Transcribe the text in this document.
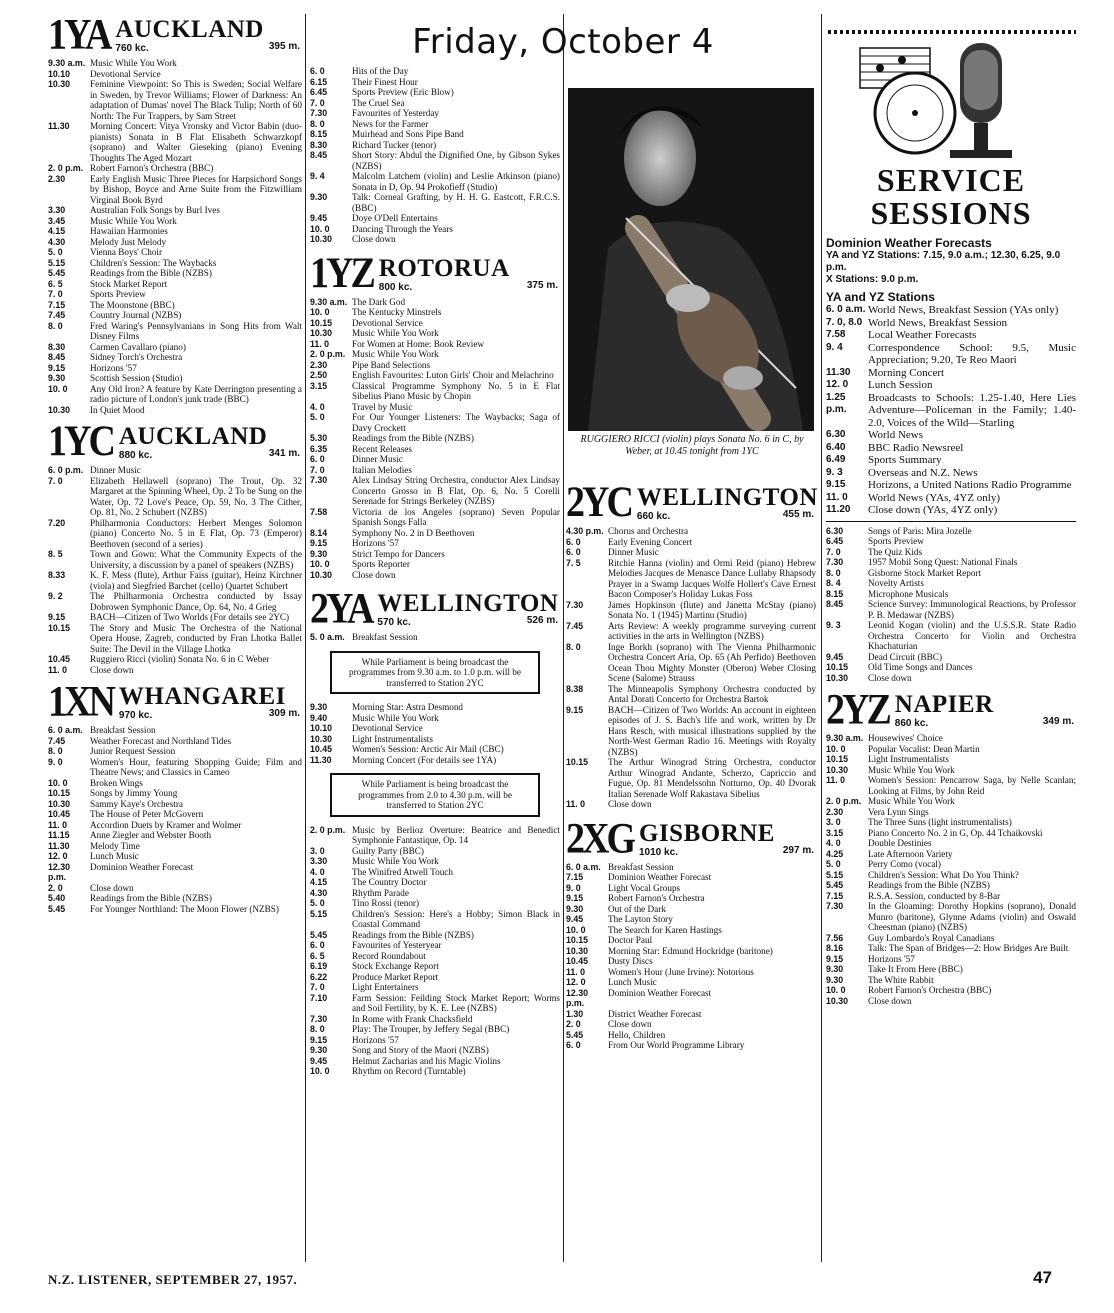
Friday, October 4
1YA AUCKLAND
760 kc.	395 m.
9.30 a.m. Music While You Work
10.10	Devotional Service
10.30	Feminine Viewpoint: So This is Sweden; Social Welfare in Sweden, by Trevor Williams; Flower of Darkness: An adaptation of Dumas' novel The Black Tulip; North of 60 North: The Fur Trappers, by Sam Street
11.30	Morning Concert: Vitya Vronsky and Victor Babin (duo-pianists) Sonata in B Flat Elisabeth Schwarzkopf (soprano) and Walter Gieseking (piano) Evening Thoughts The Aged Mozart
2. 0 p.m. Robert Farnon's Orchestra (BBC)
2.30	Early English Music Three Pieces for Harpsichord Songs by Bishop, Boyce and Arne Suite from the Fitzwilliam Virginal Book Byrd
3.30	Australian Folk Songs by Burl Ives
3.45	Music While You Work
4.15	Hawaiian Harmonies
4.30	Melody Just Melody
5. 0	Vienna Boys' Choir
5.15	Children's Session: The Waybacks
5.45	Readings from the Bible (NZBS)
6. 5	Stock Market Report
7. 0	Sports Preview
7.15	The Moonstone (BBC)
7.45	Country Journal (NZBS)
8. 0	Fred Waring's Pennsylvanians in Song Hits from Walt Disney Films
8.30	Carmen Cavallaro (piano)
8.45	Sidney Torch's Orchestra
9.15	Horizons '57
9.30	Scottish Session (Studio)
10. 0	Any Old Iron? A feature by Kate Derrington presenting a radio picture of London's junk trade (BBC)
10.30	In Quiet Mood
1YC AUCKLAND
880 kc.	341 m.
6. 0 p.m. Dinner Music
7. 0	Elizabeth Hellawell (soprano) The Trout, Op. 32 Margaret at the Spinning Wheel, Op. 2 To be Sung on the Water, Op. 72 Love's Peace, Op. 59, No. 3 The Cither, Op. 81, No. 2 Schubert (NZBS)
7.20	Philharmonia Conductors: Herbert Menges Solomon (piano) Concerto No. 5 in E Flat, Op. 73 (Emperor) Beethoven (second of a series)
8. 5	Town and Gown: What the Community Expects of the University, a discussion by a panel of speakers (NZBS)
8.33	K. F. Mess (flute), Arthur Faiss (guitar), Heinz Kirchner (viola) and Siegfried Barchet (cello) Quartet Schubert
9. 2	The Philharmonia Orchestra conducted by Issay Dobrowen Symphonic Dance, Op. 64, No. 4 Grieg
9.15	BACH—Citizen of Two Worlds (For details see 2YC)
10.15	The Story and Music The Orchestra of the National Opera House, Zagreb, conducted by Fran Lhotka Ballet Suite: The Devil in the Village Lhotka
10.45	Ruggiero Ricci (violin) Sonata No. 6 in C Weber
11. 0	Close down
1XN WHANGAREI
970 kc.	309 m.
6. 0 a.m. Breakfast Session
7.45	Weather Forecast and Northland Tides
8. 0	Junior Request Session
9. 0	Women's Hour, featuring Shopping Guide; Film and Theatre News; and Classics in Cameo
10. 0	Broken Wings
10.15	Songs by Jimmy Young
10.30	Sammy Kaye's Orchestra
10.45	The House of Peter McGovern
11. 0	Accordion Duets by Kramer and Wolmer
11.15	Anne Ziegler and Webster Booth
11.30	Melody Time
12. 0	Lunch Music
12.30 p.m.
Dominion Weather Forecast
2. 0	Close down
5.40	Readings from the Bible (NZBS)
5.45	For Younger Northland: The Moon Flower (NZBS)
6. 0	Hits of the Day
6.15	Their Finest Hour
6.45	Sports Preview (Eric Blow)
7. 0	The Cruel Sea
7.30	Favourites of Yesterday
8. 0	News for the Farmer
8.15	Muirhead and Sons Pipe Band
8.30	Richard Tucker (tenor)
8.45	Short Story: Abdul the Dignified One, by Gibson Sykes (NZBS)
9. 4	Malcolm Latchem (violin) and Leslie Atkinson (piano) Sonata in D, Op. 94 Prokofieff (Studio)
9.30	Talk: Corneal Grafting, by H. H. G. Eastcott, F.R.C.S. (BBC)
9.45	Doye O'Dell Entertains
10. 0	Dancing Through the Years
10.30	Close down
1YZ ROTORUA
800 kc.	375 m.
9.30 a.m. The Dark God
10. 0	The Kentucky Minstrels
10.15	Devotional Service
10.30	Music While You Work
11. 0	For Women at Home: Book Review
2. 0 p.m. Music While You Work
2.30	Pipe Band Selections
2.50	English Favourites: Luton Girls' Choir and Melachrino
3.15	Classical Programme Symphony No. 5 in E Flat Sibelius Piano Music by Chopin
4. 0	Travel by Music
5. 0	For Our Younger Listeners: The Waybacks; Saga of Davy Crockett
5.30	Readings from the Bible (NZBS)
6.35	Recent Releases
6. 0	Dinner Music
7. 0	Italian Melodies
7.30	Alex Lindsay String Orchestra, conductor Alex Lindsay Concerto Grosso in B Flat, Op. 6, No. 5 Corelli Serenade for Strings Berkeley (NZBS)
7.58	Victoria de los Angeles (soprano) Seven Popular Spanish Songs Falla
8.14	Symphony No. 2 in D Beethoven
9.15	Horizons '57
9.30	Strict Tempo for Dancers
10. 0	Sports Reporter
10.30	Close down
2YA WELLINGTON
570 kc.	526 m.
5. 0 a.m. Breakfast Session
While Parliament is being broadcast the programmes from 9.30 a.m. to 1.0 p.m. will be transferred to Station 2YC
9.30	Morning Star: Astra Desmond
9.40	Music While You Work
10.10	Devotional Service
10.30	Light Instrumentalists
10.45	Women's Session: Arctic Air Mail (CBC)
11.30	Morning Concert (For details see 1YA)
While Parliament is being broadcast the programmes from 2.0 to 4.30 p.m. will be transferred to Station 2YC
2. 0 p.m. Music by Berlioz Overture: Beatrice and Benedict Symphonie Fantastique, Op. 14
3. 0	Guilty Party (BBC)
3.30	Music While You Work
4. 0	The Winifred Atwell Touch
4.15	The Country Doctor
4.30	Rhythm Parade
5. 0	Tino Rossi (tenor)
5.15	Children's Session: Here's a Hobby; Simon Black in Coastal Command
5.45	Readings from the Bible (NZBS)
6. 0	Favourites of Yesteryear
6. 5	Record Roundabout
6.19	Stock Exchange Report
6.22	Produce Market Report
7. 0	Light Entertainers
7.10	Farm Session: Feilding Stock Market Report; Worms and Soil Fertility, by K. E. Lee (NZBS)
7.30	In Rome with Frank Chacksfield
8. 0	Play: The Trouper, by Jeffery Segal (BBC)
9.15	Horizons '57
9.30	Song and Story of the Maori (NZBS)
9.45	Helmut Zacharias and his Magic Violins
10. 0	Rhythm on Record (Turntable)
RUGGIERO RICCI (violin) plays Sonata No. 6 in C, by Weber, at 10.45 tonight from 1YC
2YC WELLINGTON
660 kc.	455 m.
4.30 p.m. Chorus and Orchestra
6. 0	Early Evening Concert
6. 0	Dinner Music
7. 5	Ritchie Hanna (violin) and Ormi Reid (piano) Hebrew Melodies Jacques de Menasce Dance Lullaby Rhapsody Prayer in a Swamp Jacques Wolfe Hollert's Cave Ernest Bacon Composer's Holiday Lukas Foss
7.30	James Hopkinson (flute) and Janetta McStay (piano) Sonata No. 1 (1945) Martinu (Studio)
7.45	Arts Review: A weekly programme surveying current activities in the arts in Wellington (NZBS)
8. 0	Inge Borkh (soprano) with The Vienna Philharmonic Orchestra Concert Aria, Op. 65 (Ah Perfido) Beethoven Ocean Thou Mighty Monster (Oberon) Weber Closing Scene (Salome) Strauss
8.38	The Minneapolis Symphony Orchestra conducted by Antal Dorati Concerto for Orchestra Bartok
9.15	BACH—Citizen of Two Worlds: An account in eighteen episodes of J. S. Bach's life and work, written by Dr Hans Resch, with musical illustrations supplied by the North-West German Radio 16. Meetings with Royalty (NZBS)
10.15	The Arthur Winograd String Orchestra, conductor Arthur Winograd Andante, Scherzo, Capriccio and Fugue, Op. 81 Mendelssohn Notturno, Op. 40 Dvorak Italian Serenade Wolf Rakastava Sibelius
11. 0	Close down
2XG GISBORNE
1010 kc.	297 m.
6. 0 a.m. Breakfast Session
7.15	Dominion Weather Forecast
9. 0	Light Vocal Groups
9.15	Robert Farnon's Orchestra
9.30	Out of the Dark
9.45	The Layton Story
10. 0	The Search for Karen Hastings
10.15	Doctor Paul
10.30	Morning Star: Edmund Hockridge (baritone)
10.45	Dusty Discs
11. 0	Women's Hour (June Irvine): Notorious
12. 0	Lunch Music
12.30 p.m.
Dominion Weather Forecast
1.30	District Weather Forecast
2. 0	Close down
5.45	Hello, Children
6. 0	From Our World Programme Library
SERVICE
SESSIONS
Dominion Weather Forecasts
YA and YZ Stations: 7.15, 9.0 a.m.; 12.30, 6.25, 9.0 p.m.
X Stations: 9.0 p.m.
YA and YZ Stations
6. 0 a.m. World News, Breakfast Session (YAs only)
7. 0, 8.0 World News, Breakfast Session
7.58	Local Weather Forecasts
9. 4	Correspondence School: 9.5, Music Appreciation; 9.20, Te Reo Maori
11.30	Morning Concert
12. 0	Lunch Session
1.25 p.m.
Broadcasts to Schools: 1.25-1.40, Here Lies Adventure—Policeman in the Family; 1.40-2.0, Voices of the Wild—Starling
6.30	World News
6.40	BBC Radio Newsreel
6.49	Sports Summary
9. 3	Overseas and N.Z. News
9.15	Horizons, a United Nations Radio Programme
11. 0	World News (YAs, 4YZ only)
11.20	Close down (YAs, 4YZ only)
6.30	Songs of Paris: Mira Jozelle
6.45	Sports Preview
7. 0	The Quiz Kids
7.30	1957 Mobil Song Quest: National Finals
8. 0	Gisborne Stock Market Report
8. 4	Novelty Artists
8.15	Microphone Musicals
8.45	Science Survey: Immunological Reactions, by Professor P. B. Medawar (NZBS)
9. 3	Leonid Kogan (violin) and the U.S.S.R. State Radio Orchestra Concerto for Violin and Orchestra Khachaturian
9.45	Dead Circuit (BBC)
10.15	Old Time Songs and Dances
10.30	Close down
2YZ NAPIER
860 kc.	349 m.
9.30 a.m. Housewives' Choice
10. 0	Popular Vocalist: Dean Martin
10.15	Light Instrumentalists
10.30	Music While You Work
11. 0	Women's Session: Pencarrow Saga, by Nelle Scanlan; Looking at Films, by John Reid
2. 0 p.m. Music While You Work
2.30	Vera Lynn Sings
3. 0	The Three Suns (light instrumentalists)
3.15	Piano Concerto No. 2 in G, Op. 44 Tchaikovski
4. 0	Double Destinies
4.25	Late Afternoon Variety
5. 0	Perry Como (vocal)
5.15	Children's Session: What Do You Think?
5.45	Readings from the Bible (NZBS)
7.15	R.S.A. Session, conducted by 8-Bar
7.30	In the Gloaming: Dorothy Hopkins (soprano), Donald Munro (baritone), Glynne Adams (violin) and Oswald Cheesman (piano) (NZBS)
7.56	Guy Lombardo's Royal Canadians
8.16	Talk: The Span of Bridges—2: How Bridges Are Built
9.15	Horizons '57
9.30	Take It From Here (BBC)
9.30	The White Rabbit
10. 0	Robert Farnon's Orchestra (BBC)
10.30	Close down
N.Z. LISTENER, SEPTEMBER 27, 1957.	47
